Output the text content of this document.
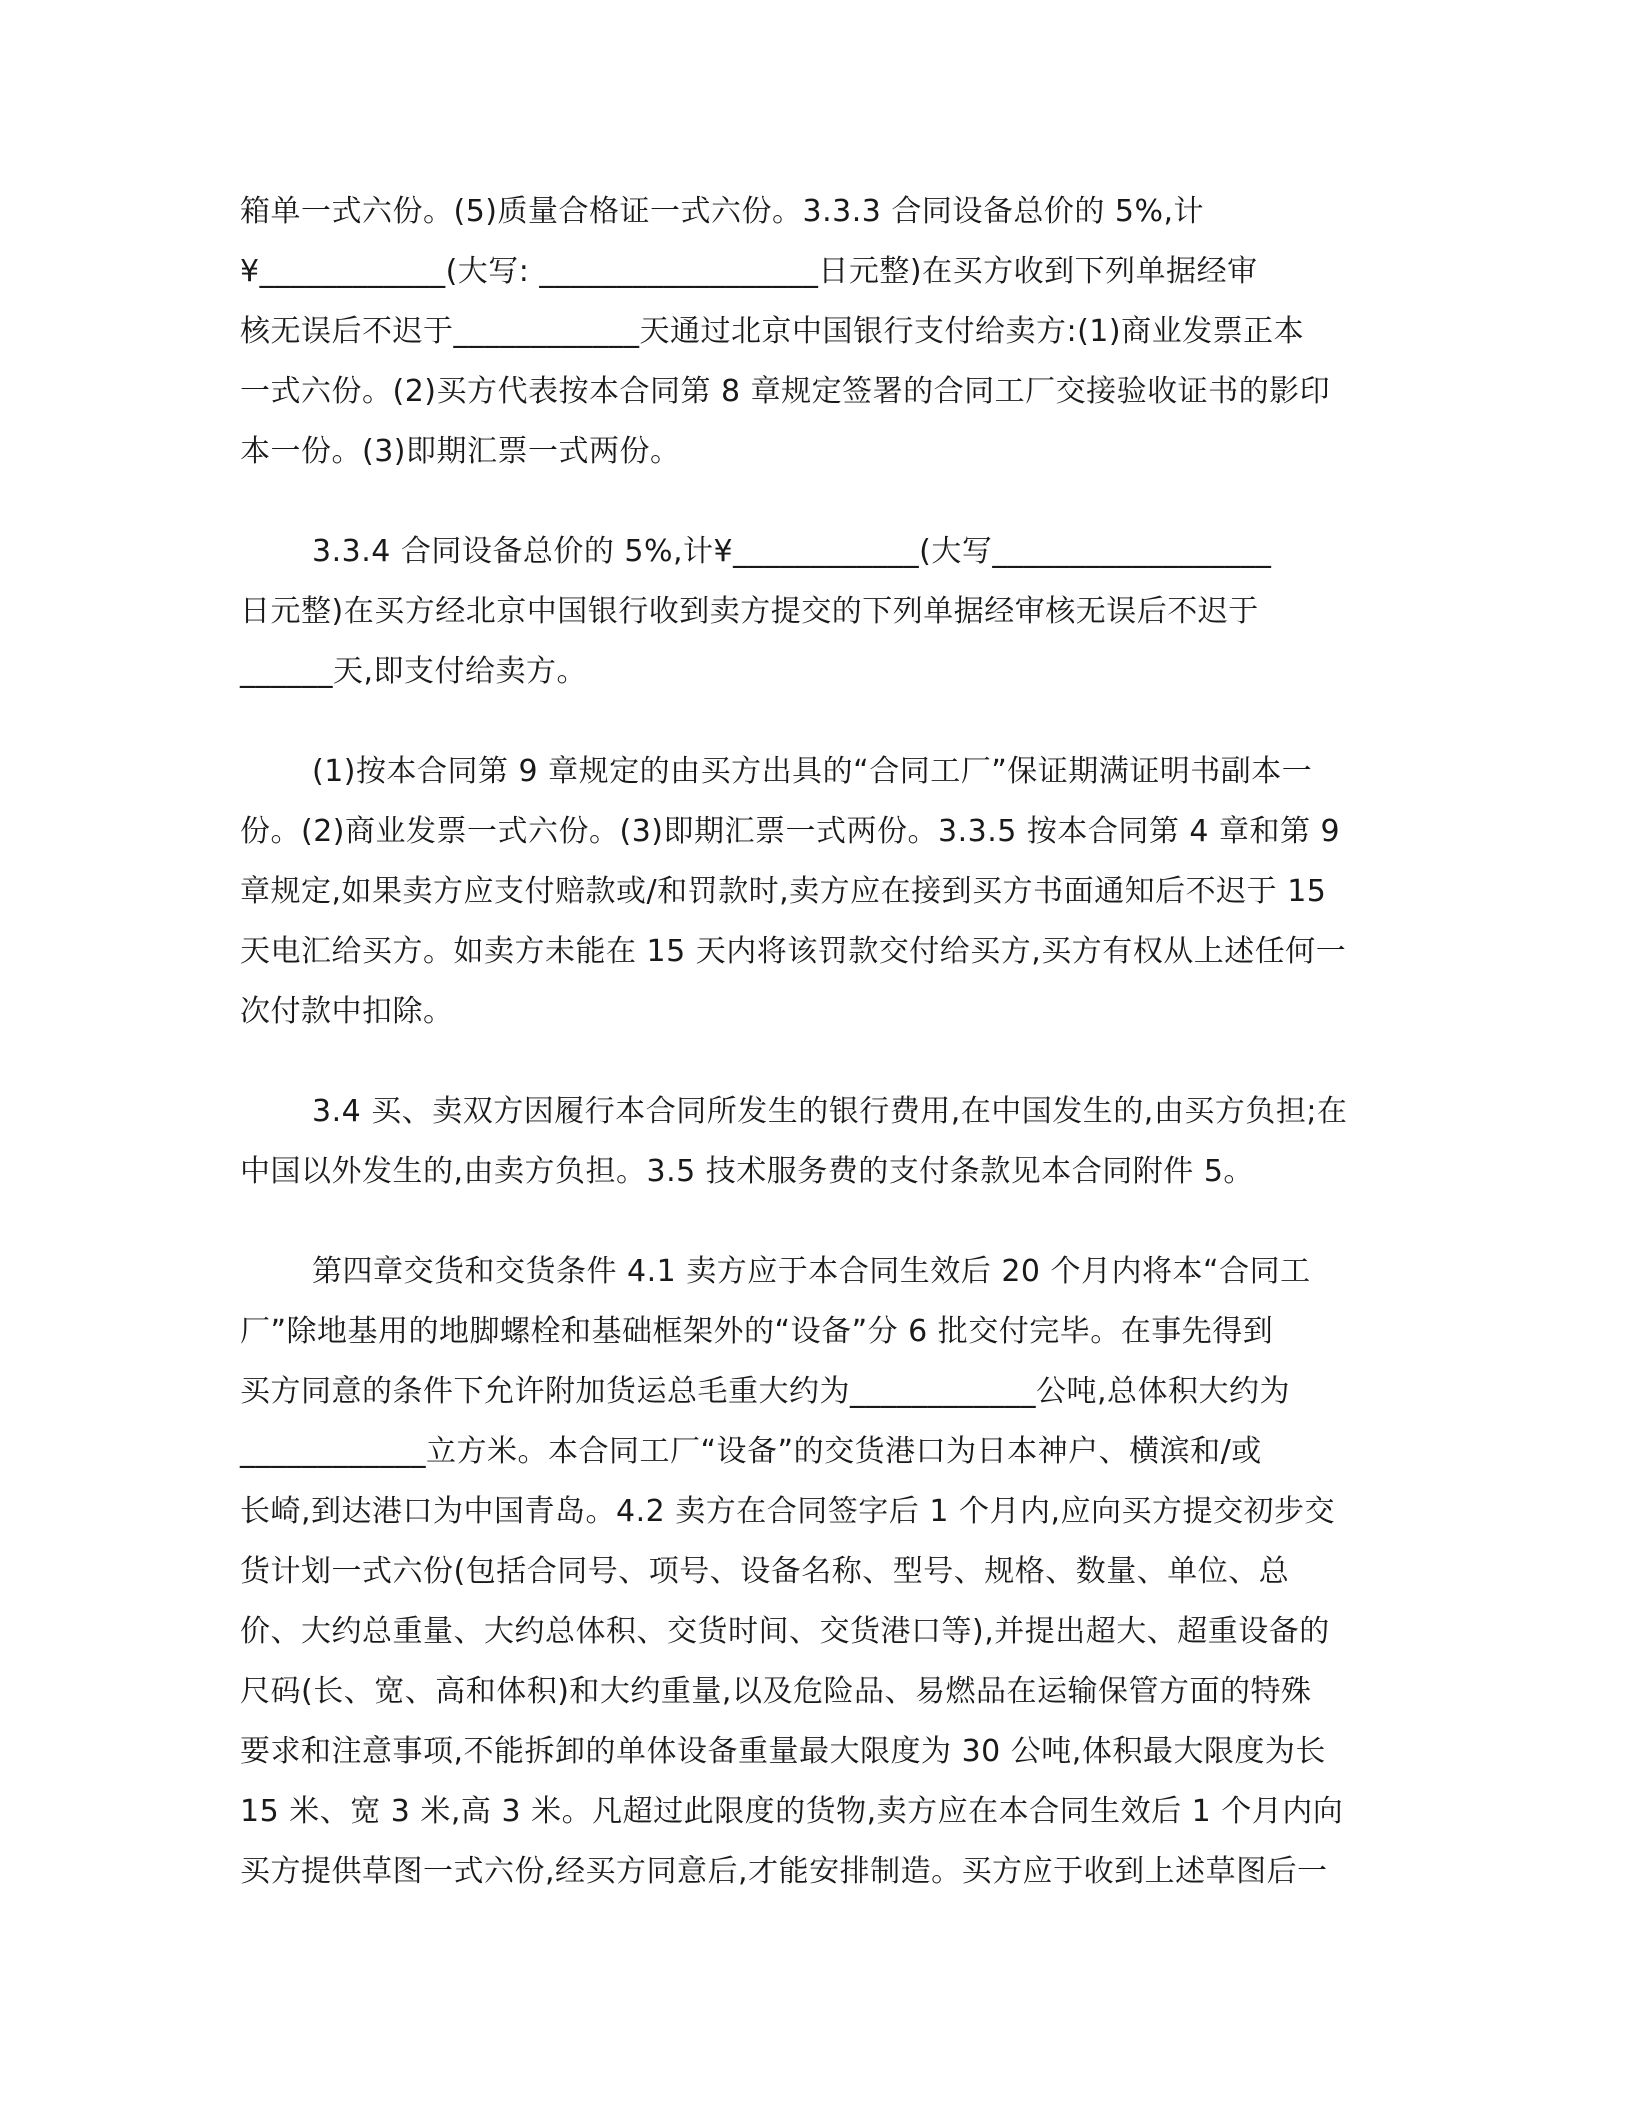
箱单一式六份。(5)质量合格证一式六份。3.3.3 合同设备总价的 5%,计
¥____________(大写: __________________日元整)在买方收到下列单据经审
核无误后不迟于____________天通过北京中国银行支付给卖方:(1)商业发票正本
一式六份。(2)买方代表按本合同第 8 章规定签署的合同工厂交接验收证书的影印
本一份。(3)即期汇票一式两份。
3.3.4 合同设备总价的 5%,计¥____________(大写__________________
日元整)在买方经北京中国银行收到卖方提交的下列单据经审核无误后不迟于
______天,即支付给卖方。
(1)按本合同第 9 章规定的由买方出具的“合同工厂”保证期满证明书副本一
份。(2)商业发票一式六份。(3)即期汇票一式两份。3.3.5 按本合同第 4 章和第 9
章规定,如果卖方应支付赔款或/和罚款时,卖方应在接到买方书面通知后不迟于 15
天电汇给买方。如卖方未能在 15 天内将该罚款交付给买方,买方有权从上述任何一
次付款中扣除。
3.4 买、卖双方因履行本合同所发生的银行费用,在中国发生的,由买方负担;在
中国以外发生的,由卖方负担。3.5 技术服务费的支付条款见本合同附件 5。
第四章交货和交货条件 4.1 卖方应于本合同生效后 20 个月内将本“合同工
厂”除地基用的地脚螺栓和基础框架外的“设备”分 6 批交付完毕。在事先得到
买方同意的条件下允许附加货运总毛重大约为____________公吨,总体积大约为
____________立方米。本合同工厂“设备”的交货港口为日本神户、横滨和/或
长崎,到达港口为中国青岛。4.2 卖方在合同签字后 1 个月内,应向买方提交初步交
货计划一式六份(包括合同号、项号、设备名称、型号、规格、数量、单位、总
价、大约总重量、大约总体积、交货时间、交货港口等),并提出超大、超重设备的
尺码(长、宽、高和体积)和大约重量,以及危险品、易燃品在运输保管方面的特殊
要求和注意事项,不能拆卸的单体设备重量最大限度为 30 公吨,体积最大限度为长
15 米、宽 3 米,高 3 米。凡超过此限度的货物,卖方应在本合同生效后 1 个月内向
买方提供草图一式六份,经买方同意后,才能安排制造。买方应于收到上述草图后一
